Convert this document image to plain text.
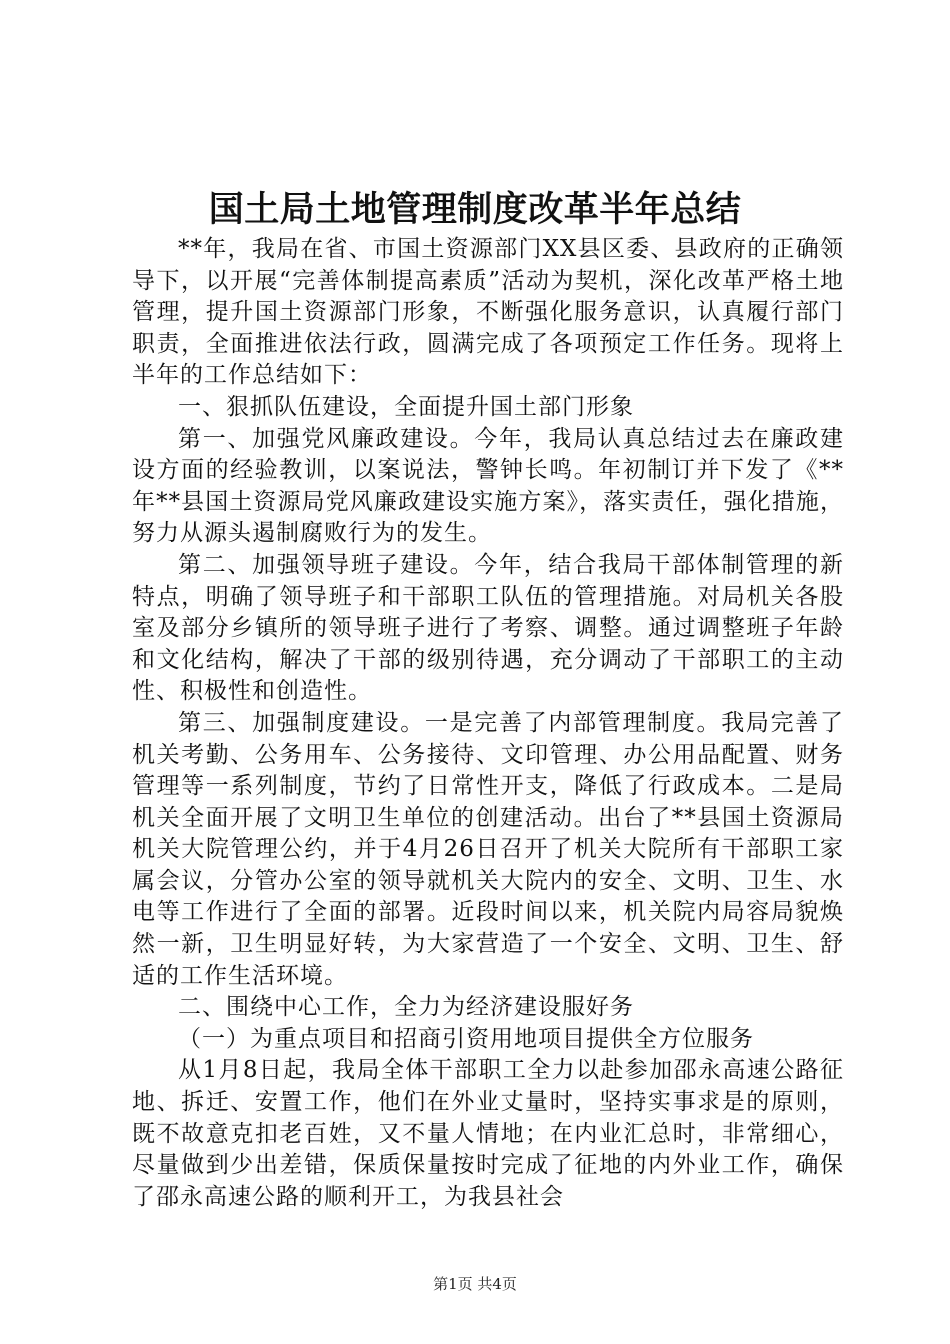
国土局土地管理制度改革半年总结

**年，我局在省、市国土资源部门XX县区委、县政府的正确领导下，以开展“完善体制提高素质”活动为契机，深化改革严格土地管理，提升国土资源部门形象，不断强化服务意识，认真履行部门职责，全面推进依法行政，圆满完成了各项预定工作任务。现将上半年的工作总结如下：

一、狠抓队伍建设，全面提升国土部门形象

第一、加强党风廉政建设。今年，我局认真总结过去在廉政建设方面的经验教训，以案说法，警钟长鸣。年初制订并下发了《**年**县国土资源局党风廉政建设实施方案》，落实责任，强化措施，努力从源头遏制腐败行为的发生。

第二、加强领导班子建设。今年，结合我局干部体制管理的新特点，明确了领导班子和干部职工队伍的管理措施。对局机关各股室及部分乡镇所的领导班子进行了考察、调整。通过调整班子年龄和文化结构，解决了干部的级别待遇，充分调动了干部职工的主动性、积极性和创造性。

第三、加强制度建设。一是完善了内部管理制度。我局完善了机关考勤、公务用车、公务接待、文印管理、办公用品配置、财务管理等一系列制度，节约了日常性开支，降低了行政成本。二是局机关全面开展了文明卫生单位的创建活动。出台了**县国土资源局机关大院管理公约，并于4月26日召开了机关大院所有干部职工家属会议，分管办公室的领导就机关大院内的安全、文明、卫生、水电等工作进行了全面的部署。近段时间以来，机关院内局容局貌焕然一新，卫生明显好转，为大家营造了一个安全、文明、卫生、舒适的工作生活环境。

二、围绕中心工作，全力为经济建设服好务

（一）为重点项目和招商引资用地项目提供全方位服务

从1月8日起，我局全体干部职工全力以赴参加邵永高速公路征地、拆迁、安置工作，他们在外业丈量时，坚持实事求是的原则，既不故意克扣老百姓，又不量人情地；在内业汇总时，非常细心，尽量做到少出差错，保质保量按时完成了征地的内外业工作，确保了邵永高速公路的顺利开工，为我县社会

第1页 共4页
